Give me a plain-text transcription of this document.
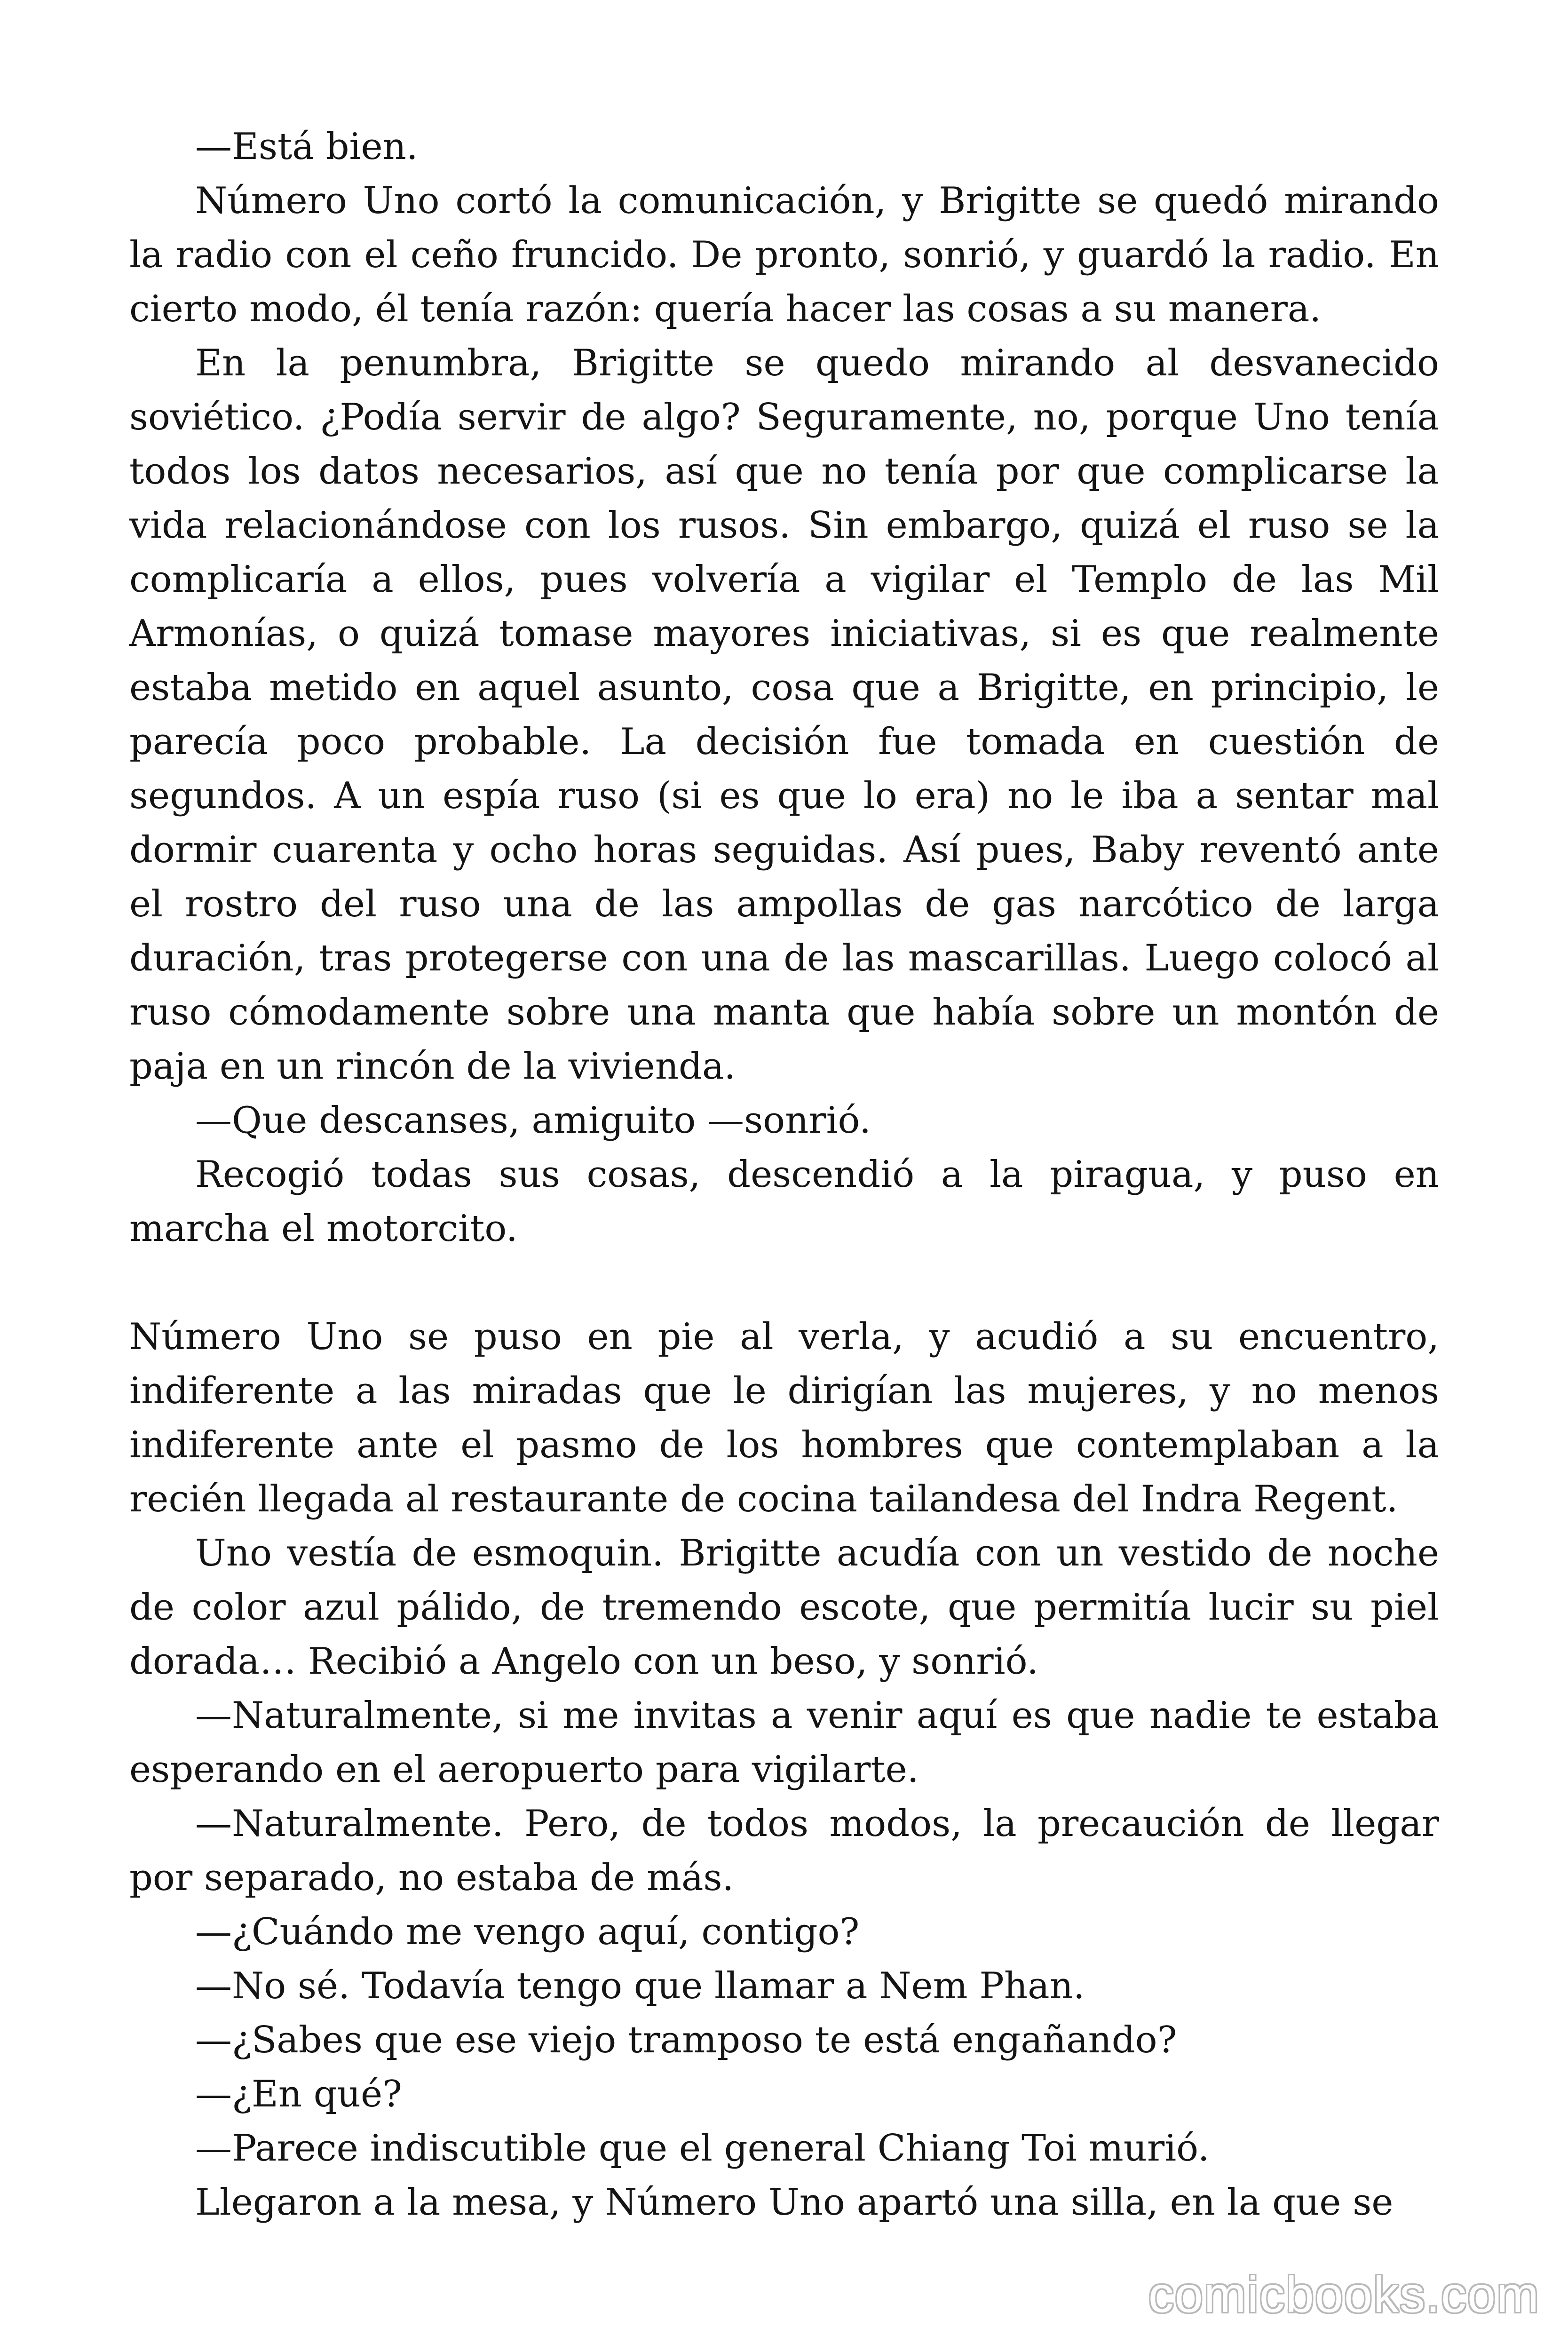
—Está bien.

Número Uno cortó la comunicación, y Brigitte se quedó mirando la radio con el ceño fruncido. De pronto, sonrió, y guardó la radio. En cierto modo, él tenía razón: quería hacer las cosas a su manera.

En la penumbra, Brigitte se quedo mirando al desvanecido soviético. ¿Podía servir de algo? Seguramente, no, porque Uno tenía todos los datos necesarios, así que no tenía por que complicarse la vida relacionándose con los rusos. Sin embargo, quizá el ruso se la complicaría a ellos, pues volvería a vigilar el Templo de las Mil Armonías, o quizá tomase mayores iniciativas, si es que realmente estaba metido en aquel asunto, cosa que a Brigitte, en principio, le parecía poco probable. La decisión fue tomada en cuestión de segundos. A un espía ruso (si es que lo era) no le iba a sentar mal dormir cuarenta y ocho horas seguidas. Así pues, Baby reventó ante el rostro del ruso una de las ampollas de gas narcótico de larga duración, tras protegerse con una de las mascarillas. Luego colocó al ruso cómodamente sobre una manta que había sobre un montón de paja en un rincón de la vivienda.

—Que descanses, amiguito —sonrió.

Recogió todas sus cosas, descendió a la piragua, y puso en marcha el motorcito.

Número Uno se puso en pie al verla, y acudió a su encuentro, indiferente a las miradas que le dirigían las mujeres, y no menos indiferente ante el pasmo de los hombres que contemplaban a la recién llegada al restaurante de cocina tailandesa del Indra Regent.

Uno vestía de esmoquin. Brigitte acudía con un vestido de noche de color azul pálido, de tremendo escote, que permitía lucir su piel dorada… Recibió a Angelo con un beso, y sonrió.

—Naturalmente, si me invitas a venir aquí es que nadie te estaba esperando en el aeropuerto para vigilarte.

—Naturalmente. Pero, de todos modos, la precaución de llegar por separado, no estaba de más.

—¿Cuándo me vengo aquí, contigo?

—No sé. Todavía tengo que llamar a Nem Phan.

—¿Sabes que ese viejo tramposo te está engañando?

—¿En qué?

—Parece indiscutible que el general Chiang Toi murió.

Llegaron a la mesa, y Número Uno apartó una silla, en la que se

comicbooks.com
